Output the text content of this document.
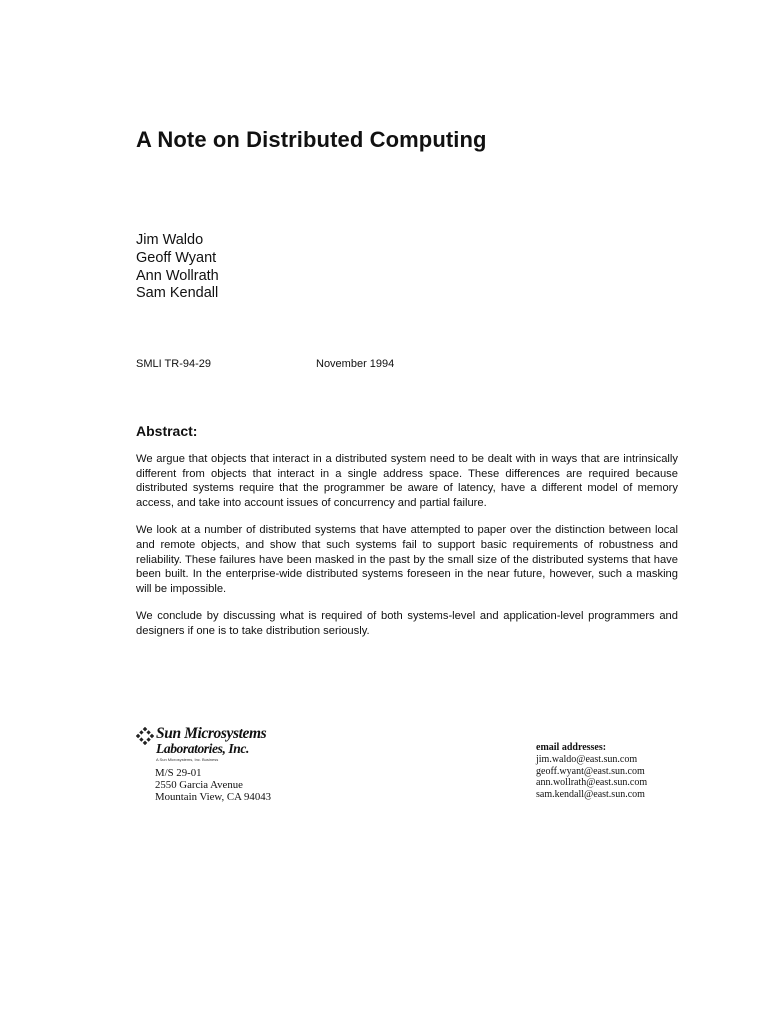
A Note on Distributed Computing
Jim Waldo
Geoff Wyant
Ann Wollrath
Sam Kendall
SMLI TR-94-29	November 1994
Abstract:

We argue that objects that interact in a distributed system need to be dealt with in ways that are intrinsically different from objects that interact in a single address space. These differences are required because distributed systems require that the programmer be aware of latency, have a different model of memory access, and take into account issues of concurrency and partial failure.

We look at a number of distributed systems that have attempted to paper over the distinction between local and remote objects, and show that such systems fail to support basic requirements of robustness and reliability. These failures have been masked in the past by the small size of the distributed systems that have been built. In the enterprise-wide distributed systems foreseen in the near future, however, such a masking will be impossible.

We conclude by discussing what is required of both systems-level and application-level programmers and designers if one is to take distribution seriously.

Sun Microsystems
Laboratories, Inc.
A Sun Microsystems, Inc. Business
M/S 29-01
2550 Garcia Avenue
Mountain View, CA 94043
email addresses:
jim.waldo@east.sun.com
geoff.wyant@east.sun.com
ann.wollrath@east.sun.com
sam.kendall@east.sun.com
